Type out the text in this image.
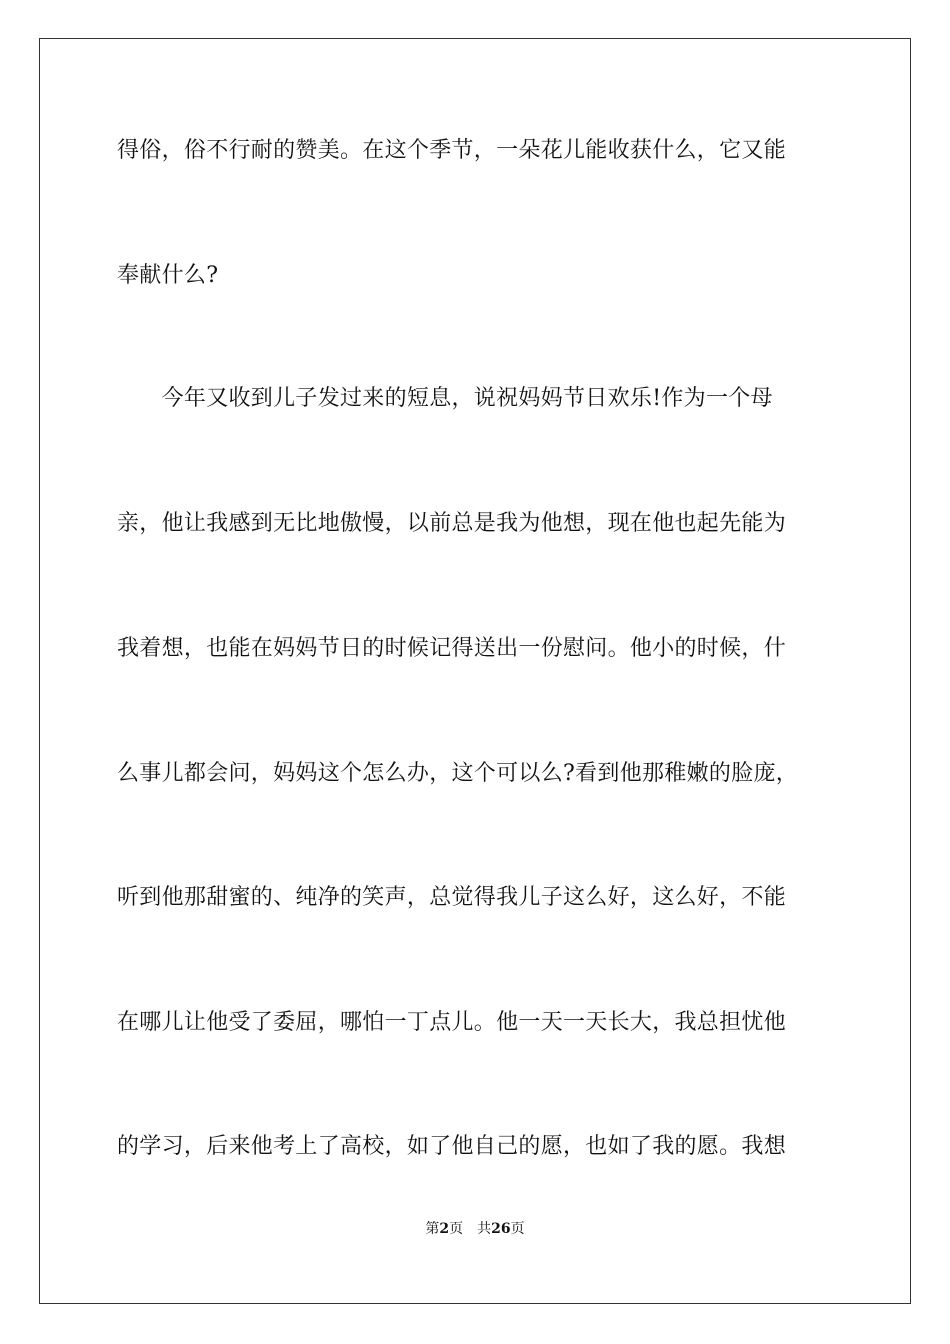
得俗，俗不行耐的赞美。在这个季节，一朵花儿能收获什么，它又能
奉献什么?
　　今年又收到儿子发过来的短息，说祝妈妈节日欢乐!作为一个母
亲，他让我感到无比地傲慢，以前总是我为他想，现在他也起先能为
我着想，也能在妈妈节日的时候记得送出一份慰问。他小的时候，什
么事儿都会问，妈妈这个怎么办，这个可以么?看到他那稚嫩的脸庞，
听到他那甜蜜的、纯净的笑声，总觉得我儿子这么好，这么好，不能
在哪儿让他受了委屈，哪怕一丁点儿。他一天一天长大，我总担忧他
的学习，后来他考上了高校，如了他自己的愿，也如了我的愿。我想
第2页 共26页
